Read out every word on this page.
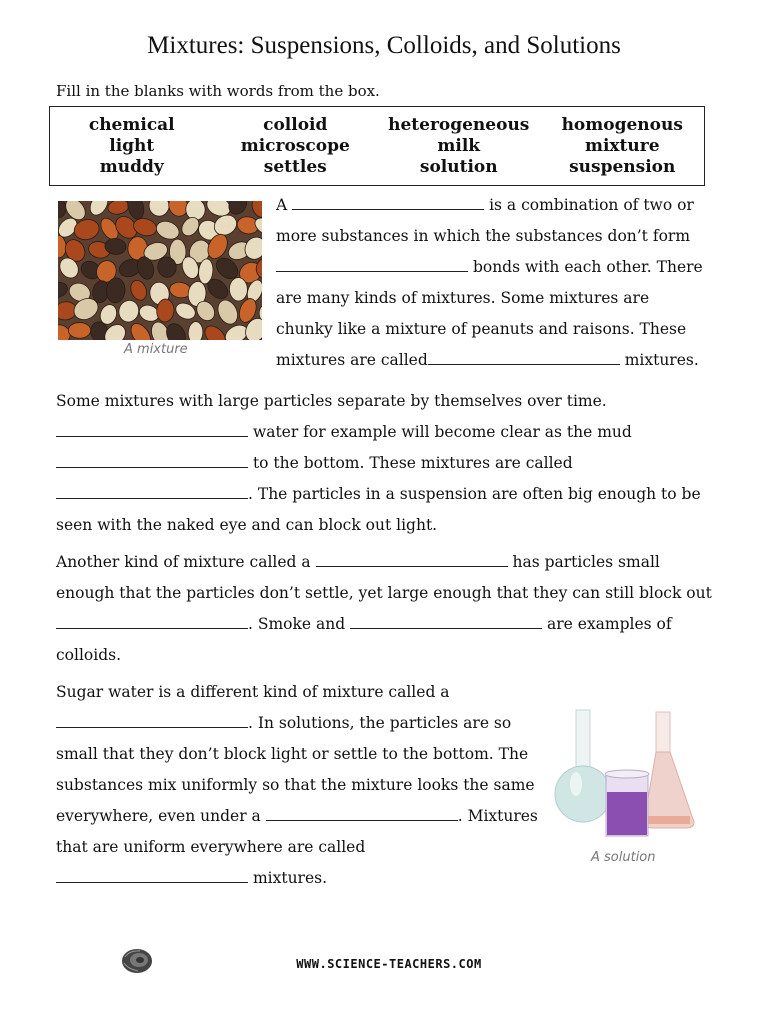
Mixtures: Suspensions, Colloids, and Solutions
Fill in the blanks with words from the box.
chemical
light
muddy
colloid
microscope
settles
heterogeneous
milk
solution
homogenous
mixture
suspension
A mixture
A	is a combination of two or
more substances in which the substances don’t form
bonds with each other. There
are many kinds of mixtures. Some mixtures are
chunky like a mixture of peanuts and raisons. These
mixtures are called	mixtures.
Some mixtures with large particles separate by themselves over time.
water for example will become clear as the mud
to the bottom. These mixtures are called
. The particles in a suspension are often big enough to be
seen with the naked eye and can block out light.
Another kind of mixture called a	has particles small
enough that the particles don’t settle, yet large enough that they can still block out
. Smoke and	are examples of
colloids.
Sugar water is a different kind of mixture called a
. In solutions, the particles are so
small that they don’t block light or settle to the bottom. The
substances mix uniformly so that the mixture looks the same
everywhere, even under a	. Mixtures
that are uniform everywhere are called
mixtures.
A solution
WWW.SCIENCE-TEACHERS.COM
